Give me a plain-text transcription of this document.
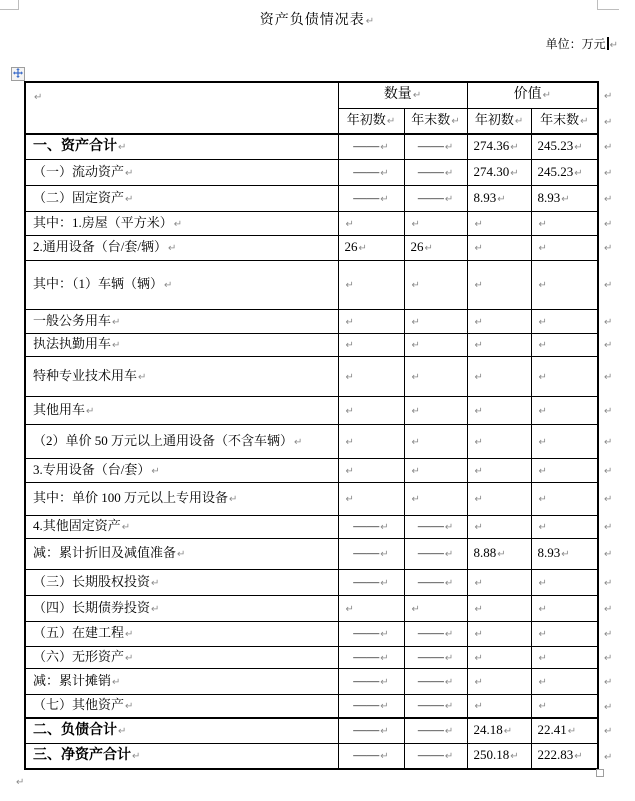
资产负债情况表↵
单位：万元 ↵
↵	数量↵		价值↵		↵
	年初数↵	年末数↵	年初数↵	年末数↵	↵
一、资产合计↵	——↵	——↵	274.36↵	245.23↵	↵
（一）流动资产↵	——↵	——↵	274.30↵	245.23↵	↵
（二）固定资产↵	——↵	——↵	8.93↵	8.93↵	↵
其中：1.房屋（平方米）↵	↵	↵	↵	↵	↵
2.通用设备（台/套/辆）↵	26↵	26↵	↵	↵	↵
其中：（1）车辆（辆）↵	↵	↵	↵	↵	↵
一般公务用车↵	↵	↵	↵	↵	↵
执法执勤用车↵	↵	↵	↵	↵	↵
特种专业技术用车↵	↵	↵	↵	↵	↵
其他用车↵	↵	↵	↵	↵	↵
（2）单价 50 万元以上通用设备（不含车辆）↵	↵	↵	↵	↵	↵
3.专用设备（台/套）↵	↵	↵	↵	↵	↵
其中：单价 100 万元以上专用设备↵	↵	↵	↵	↵	↵
4.其他固定资产↵	——↵	——↵	↵	↵	↵
减：累计折旧及减值准备↵	——↵	——↵	8.88↵	8.93↵	↵
（三）长期股权投资↵	——↵	——↵	↵	↵	↵
（四）长期债券投资↵	↵	↵	↵	↵	↵
（五）在建工程↵	——↵	——↵	↵	↵	↵
（六）无形资产↵	——↵	——↵	↵	↵	↵
减：累计摊销↵	——↵	——↵	↵	↵	↵
（七）其他资产↵	——↵	——↵	↵	↵	↵
二、负债合计↵	——↵	——↵	24.18↵	22.41↵	↵
三、净资产合计↵	——↵	——↵	250.18↵	222.83↵	↵
↵
